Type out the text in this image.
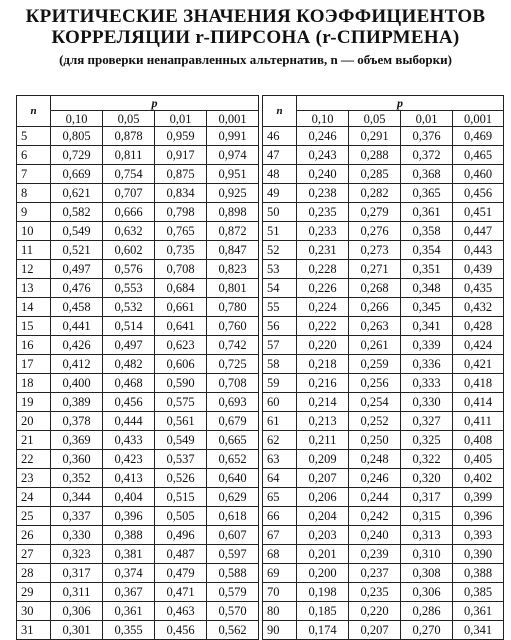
КРИТИЧЕСКИЕ ЗНАЧЕНИЯ КОЭФФИЦИЕНТОВ
КОРРЕЛЯЦИИ r-ПИРСОНА (r-СПИРМЕНА)
(для проверки ненаправленных альтернатив, n — объем выборки)
n	p					n	p			
	0,10	0,05	0,01	0,001			0,10	0,05	0,01	0,001
5	0,805	0,878	0,959	0,991		46	0,246	0,291	0,376	0,469
6	0,729	0,811	0,917	0,974		47	0,243	0,288	0,372	0,465
7	0,669	0,754	0,875	0,951		48	0,240	0,285	0,368	0,460
8	0,621	0,707	0,834	0,925		49	0,238	0,282	0,365	0,456
9	0,582	0,666	0,798	0,898		50	0,235	0,279	0,361	0,451
10	0,549	0,632	0,765	0,872		51	0,233	0,276	0,358	0,447
11	0,521	0,602	0,735	0,847		52	0,231	0,273	0,354	0,443
12	0,497	0,576	0,708	0,823		53	0,228	0,271	0,351	0,439
13	0,476	0,553	0,684	0,801		54	0,226	0,268	0,348	0,435
14	0,458	0,532	0,661	0,780		55	0,224	0,266	0,345	0,432
15	0,441	0,514	0,641	0,760		56	0,222	0,263	0,341	0,428
16	0,426	0,497	0,623	0,742		57	0,220	0,261	0,339	0,424
17	0,412	0,482	0,606	0,725		58	0,218	0,259	0,336	0,421
18	0,400	0,468	0,590	0,708		59	0,216	0,256	0,333	0,418
19	0,389	0,456	0,575	0,693		60	0,214	0,254	0,330	0,414
20	0,378	0,444	0,561	0,679		61	0,213	0,252	0,327	0,411
21	0,369	0,433	0,549	0,665		62	0,211	0,250	0,325	0,408
22	0,360	0,423	0,537	0,652		63	0,209	0,248	0,322	0,405
23	0,352	0,413	0,526	0,640		64	0,207	0,246	0,320	0,402
24	0,344	0,404	0,515	0,629		65	0,206	0,244	0,317	0,399
25	0,337	0,396	0,505	0,618		66	0,204	0,242	0,315	0,396
26	0,330	0,388	0,496	0,607		67	0,203	0,240	0,313	0,393
27	0,323	0,381	0,487	0,597		68	0,201	0,239	0,310	0,390
28	0,317	0,374	0,479	0,588		69	0,200	0,237	0,308	0,388
29	0,311	0,367	0,471	0,579		70	0,198	0,235	0,306	0,385
30	0,306	0,361	0,463	0,570		80	0,185	0,220	0,286	0,361
31	0,301	0,355	0,456	0,562		90	0,174	0,207	0,270	0,341
